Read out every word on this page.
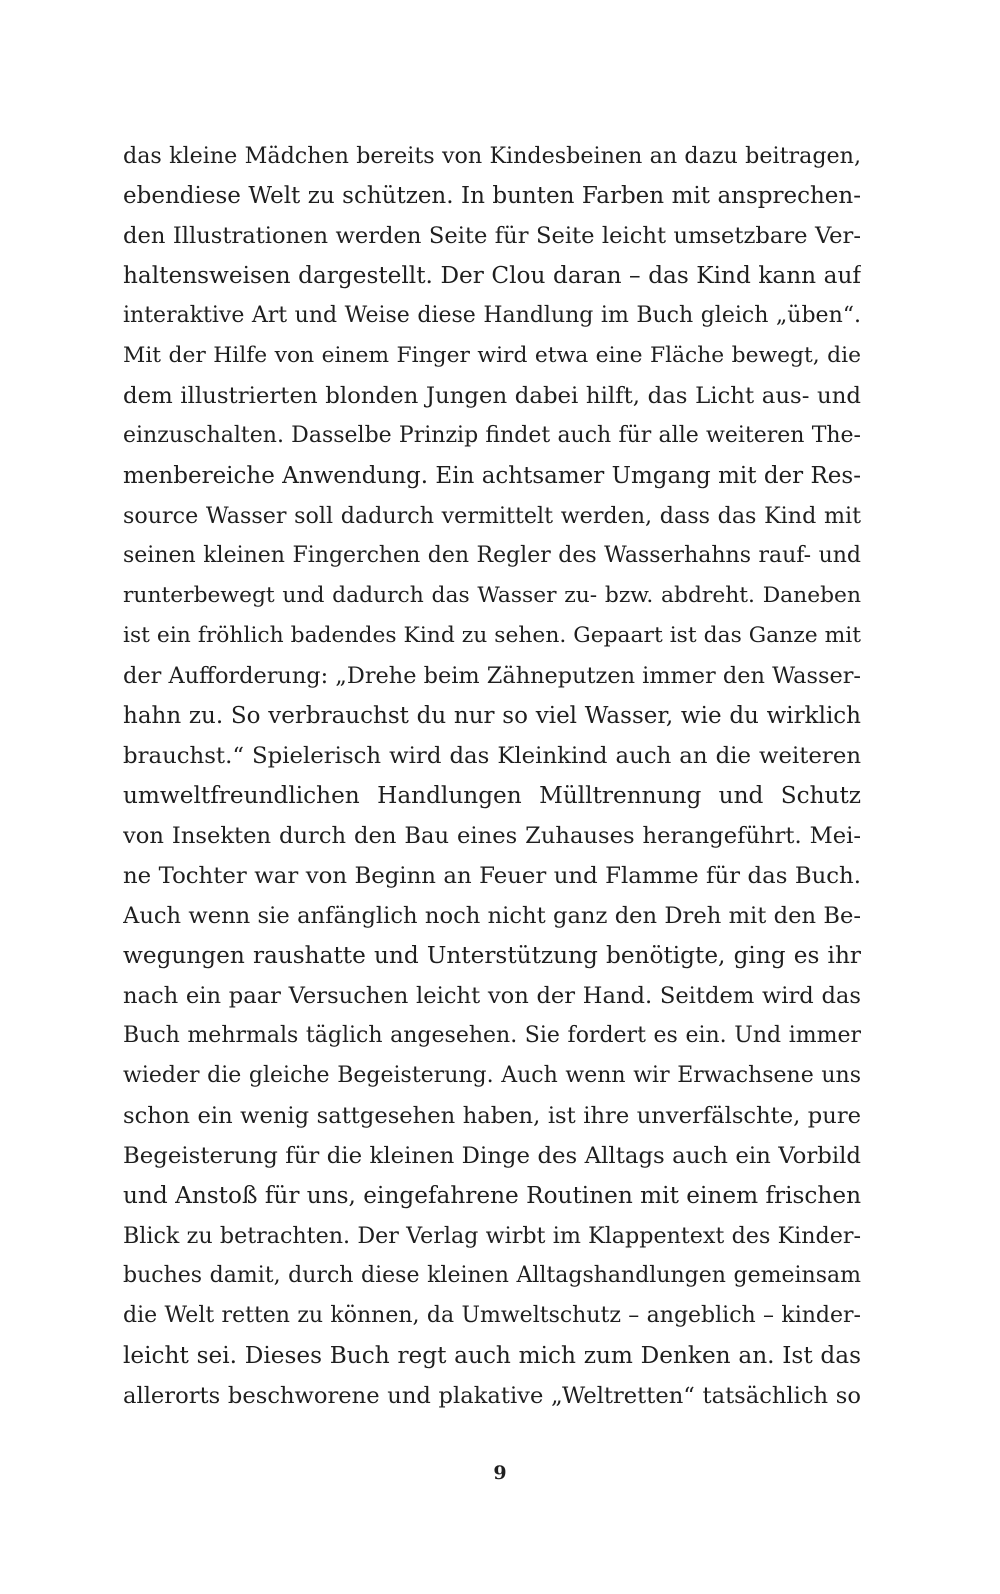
das kleine Mädchen bereits von Kindesbeinen an dazu beitragen,
ebendiese Welt zu schützen. In bunten Farben mit ansprechen-
den Illustrationen werden Seite für Seite leicht umsetzbare Ver-
haltensweisen dargestellt. Der Clou daran – das Kind kann auf
interaktive Art und Weise diese Handlung im Buch gleich „üben“.
Mit der Hilfe von einem Finger wird etwa eine Fläche bewegt, die
dem illustrierten blonden Jungen dabei hilft, das Licht aus- und
einzuschalten. Dasselbe Prinzip findet auch für alle weiteren The-
menbereiche Anwendung. Ein achtsamer Umgang mit der Res-
source Wasser soll dadurch vermittelt werden, dass das Kind mit
seinen kleinen Fingerchen den Regler des Wasserhahns rauf- und
runterbewegt und dadurch das Wasser zu- bzw. abdreht. Daneben
ist ein fröhlich badendes Kind zu sehen. Gepaart ist das Ganze mit
der Aufforderung: „Drehe beim Zähneputzen immer den Wasser-
hahn zu. So verbrauchst du nur so viel Wasser, wie du wirklich
brauchst.“ Spielerisch wird das Kleinkind auch an die weiteren
umweltfreundlichen Handlungen Mülltrennung und Schutz
von Insekten durch den Bau eines Zuhauses herangeführt. Mei-
ne Tochter war von Beginn an Feuer und Flamme für das Buch.
Auch wenn sie anfänglich noch nicht ganz den Dreh mit den Be-
wegungen raushatte und Unterstützung benötigte, ging es ihr
nach ein paar Versuchen leicht von der Hand. Seitdem wird das
Buch mehrmals täglich angesehen. Sie fordert es ein. Und immer
wieder die gleiche Begeisterung. Auch wenn wir Erwachsene uns
schon ein wenig sattgesehen haben, ist ihre unverfälschte, pure
Begeisterung für die kleinen Dinge des Alltags auch ein Vorbild
und Anstoß für uns, eingefahrene Routinen mit einem frischen
Blick zu betrachten. Der Verlag wirbt im Klappentext des Kinder-
buches damit, durch diese kleinen Alltagshandlungen gemeinsam
die Welt retten zu können, da Umweltschutz – angeblich – kinder-
leicht sei. Dieses Buch regt auch mich zum Denken an. Ist das
allerorts beschworene und plakative „Weltretten“ tatsächlich so
9
